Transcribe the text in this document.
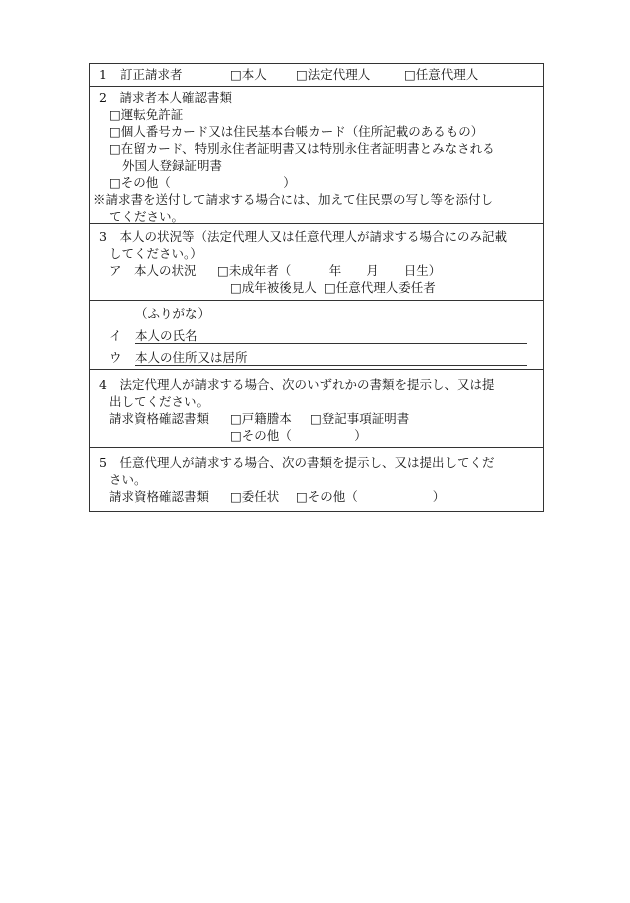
1 訂正請求者	□本人 □法定代理人	□任意代理人
2　請求者本人確認書類
□運転免許証
□個人番号カード又は住民基本台帳カード（住所記載のあるもの）
□在留カード、特別永住者証明書又は特別永住者証明書とみなされる
外国人登録証明書
□その他（　　　　　　　　　）
※請求書を送付して請求する場合には、加えて住民票の写し等を添付し
てください。
3　本人の状況等（法定代理人又は任意代理人が請求する場合にのみ記載
してください。）
ア　本人の状況 □未成年者（　　　年　　月　　日生）
□成年被後見人 □任意代理人委任者
（ふりがな）
イ 本人の氏名
ウ 本人の住所又は居所
4　法定代理人が請求する場合、次のいずれかの書類を提示し、又は提
出してください。
請求資格確認書類 □戸籍謄本 □登記事項証明書
□その他（　　　　　）
5　任意代理人が請求する場合、次の書類を提示し、又は提出してくだ
さい。
請求資格確認書類 □委任状 □その他（　　　　　　）
